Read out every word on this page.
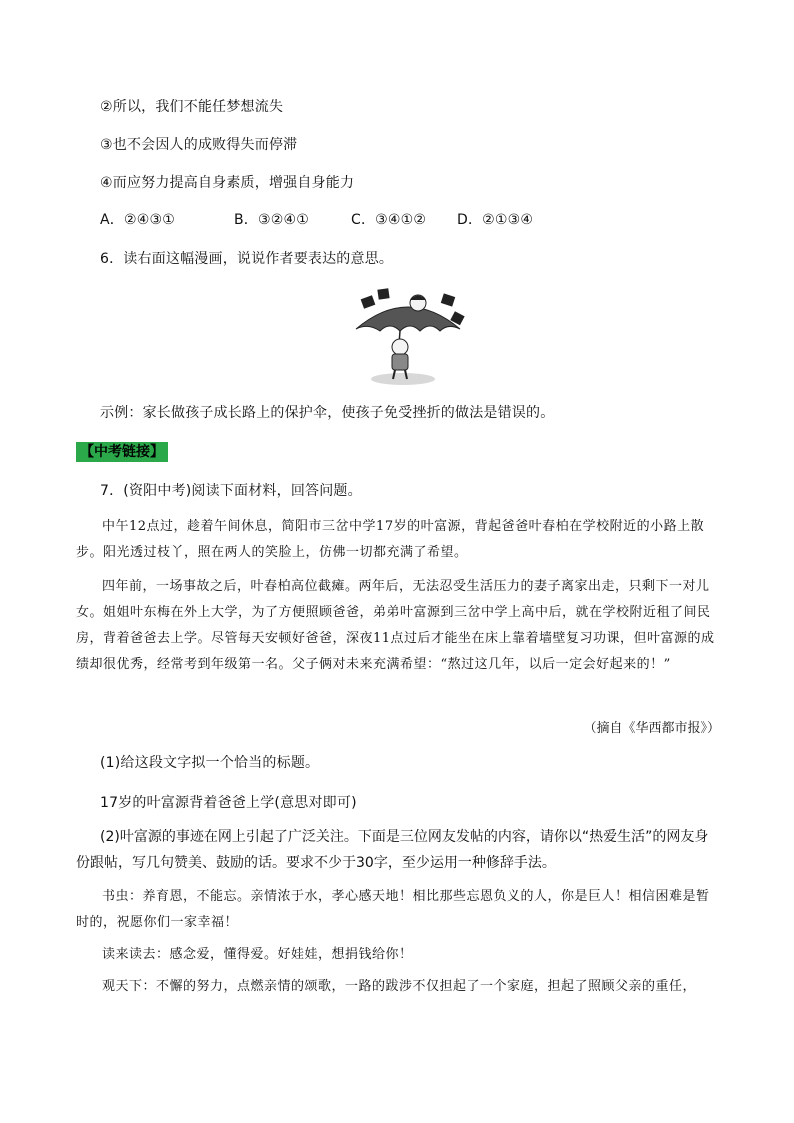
②所以，我们不能任梦想流失
③也不会因人的成败得失而停滞
④而应努力提高自身素质，增强自身能力
A．②④③①	B．③②④①	C．③④①② D．②①③④
6．读右面这幅漫画，说说作者要表达的意思。
示例：家长做孩子成长路上的保护伞，使孩子免受挫折的做法是错误的。
【中考链接】
7．(资阳中考)阅读下面材料，回答问题。

中午12点过，趁着午间休息，简阳市三岔中学17岁的叶富源，背起爸爸叶春柏在学校附近的小路上散步。阳光透过枝丫，照在两人的笑脸上，仿佛一切都充满了希望。

四年前，一场事故之后，叶春柏高位截瘫。两年后，无法忍受生活压力的妻子离家出走，只剩下一对儿女。姐姐叶东梅在外上大学，为了方便照顾爸爸，弟弟叶富源到三岔中学上高中后，就在学校附近租了间民房，背着爸爸去上学。尽管每天安顿好爸爸，深夜11点过后才能坐在床上靠着墙壁复习功课，但叶富源的成绩却很优秀，经常考到年级第一名。父子俩对未来充满希望：“熬过这几年，以后一定会好起来的！”

（摘自《华西都市报》）
(1)给这段文字拟一个恰当的标题。
17岁的叶富源背着爸爸上学(意思对即可)
(2)叶富源的事迹在网上引起了广泛关注。下面是三位网友发帖的内容，请你以“热爱生活”的网友身份跟帖，写几句赞美、鼓励的话。要求不少于30字，至少运用一种修辞手法。

书虫：养育恩，不能忘。亲情浓于水，孝心感天地！相比那些忘恩负义的人，你是巨人！相信困难是暂时的，祝愿你们一家幸福！

读来读去：感念爱，懂得爱。好娃娃，想捐钱给你！

观天下：不懈的努力，点燃亲情的颂歌，一路的跋涉不仅担起了一个家庭，担起了照顾父亲的重任，
